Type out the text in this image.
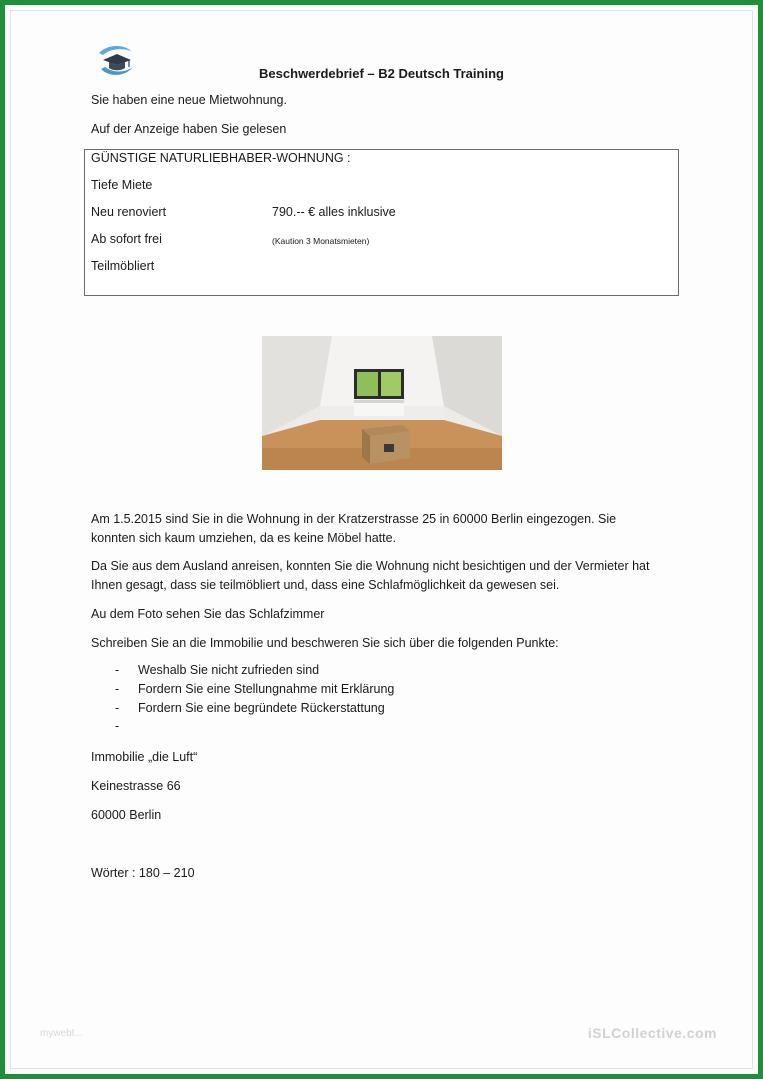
Beschwerdebrief – B2 Deutsch Training
Sie haben eine neue Mietwohnung.
Auf der Anzeige haben Sie gelesen
GÜNSTIGE NATURLIEBHABER-WOHNUNG :
Tiefe Miete
Neu renoviert	790.-- € alles inklusive
Ab sofort frei	(Kaution 3 Monatsmieten)
Teilmöbliert
Am 1.5.2015 sind Sie in die Wohnung in der Kratzerstrasse 25 in 60000 Berlin eingezogen. Sie
konnten sich kaum umziehen, da es keine Möbel hatte.
Da Sie aus dem Ausland anreisen, konnten Sie die Wohnung nicht besichtigen und der Vermieter hat
Ihnen gesagt, dass sie teilmöbliert und, dass eine Schlafmöglichkeit da gewesen sei.
Au dem Foto sehen Sie das Schlafzimmer
Schreiben Sie an die Immobilie und beschweren Sie sich über die folgenden Punkte:
- Weshalb Sie nicht zufrieden sind
- Fordern Sie eine Stellungnahme mit Erklärung
- Fordern Sie eine begründete Rückerstattung
-
Immobilie „die Luft“
Keinestrasse 66
60000 Berlin
Wörter : 180 – 210
mywebt...	iSLCollective.com
